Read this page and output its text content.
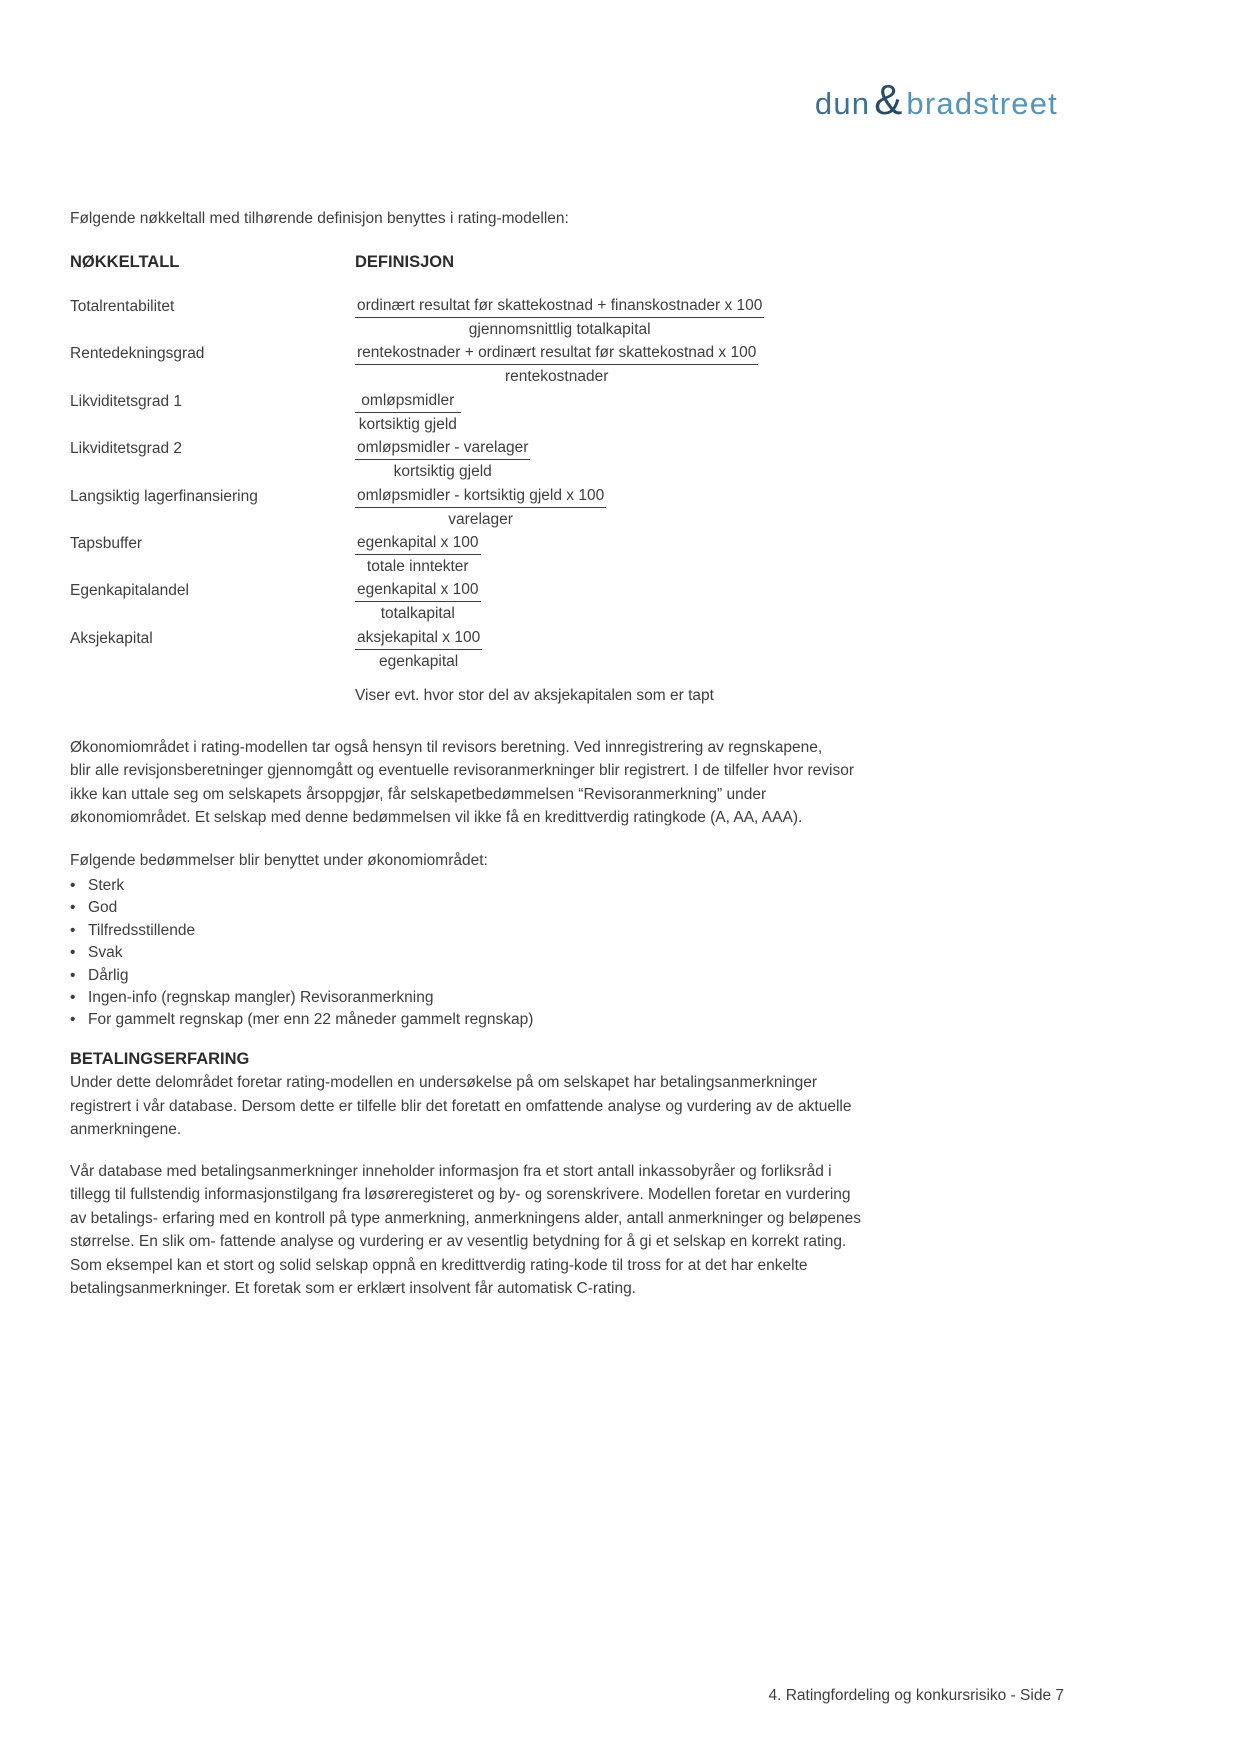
dun & bradstreet
Følgende nøkkeltall med tilhørende definisjon benyttes i rating-modellen:
NØKKELTALL	DEFINISJON
Totalrentabilitet	$\frac{\text{ordinært resultat før skattekostnad + finanskostnader x 100}}{\text{gjennomsnittlig totalkapital}}$
Rentedekningsgrad	$\frac{\text{rentekostnader + ordinært resultat før skattekostnad x 100}}{\text{rentekostnader}}$
Likviditetsgrad 1	$\frac{\text{omløpsmidler}}{\text{kortsiktig gjeld}}$
Likviditetsgrad 2	$\frac{\text{omløpsmidler - varelager}}{\text{kortsiktig gjeld}}$
Langsiktig lagerfinansiering	$\frac{\text{omløpsmidler - kortsiktig gjeld x 100}}{\text{varelager}}$
Tapsbuffer	$\frac{\text{egenkapital x 100}}{\text{totale inntekter}}$
Egenkapitalandel	$\frac{\text{egenkapital x 100}}{\text{totalkapital}}$
Aksjekapital	$\frac{\text{aksjekapital x 100}}{\text{egenkapital}}$
Viser evt. hvor stor del av aksjekapitalen som er tapt
Økonomiområdet i rating-modellen tar også hensyn til revisors beretning. Ved innregistrering av regnskapene,
blir alle revisjonsberetninger gjennomgått og eventuelle revisoranmerkninger blir registrert. I de tilfeller hvor revisor
ikke kan uttale seg om selskapets årsoppgjør, får selskapetbedømmelsen “Revisoranmerkning” under
økonomiområdet. Et selskap med denne bedømmelsen vil ikke få en kredittverdig ratingkode (A, AA, AAA).
Følgende bedømmelser blir benyttet under økonomiområdet:
• Sterk
• God
• Tilfredsstillende
• Svak
• Dårlig
• Ingen-info (regnskap mangler) Revisoranmerkning
• For gammelt regnskap (mer enn 22 måneder gammelt regnskap)
BETALINGSERFARING
Under dette delområdet foretar rating-modellen en undersøkelse på om selskapet har betalingsanmerkninger
registrert i vår database. Dersom dette er tilfelle blir det foretatt en omfattende analyse og vurdering av de aktuelle
anmerkningene.
Vår database med betalingsanmerkninger inneholder informasjon fra et stort antall inkassobyråer og forliksråd i
tillegg til fullstendig informasjonstilgang fra løsøreregisteret og by- og sorenskrivere. Modellen foretar en vurdering
av betalings- erfaring med en kontroll på type anmerkning, anmerkningens alder, antall anmerkninger og beløpenes
størrelse. En slik om- fattende analyse og vurdering er av vesentlig betydning for å gi et selskap en korrekt rating.
Som eksempel kan et stort og solid selskap oppnå en kredittverdig rating-kode til tross for at det har enkelte
betalingsanmerkninger. Et foretak som er erklært insolvent får automatisk C-rating.
4. Ratingfordeling og konkursrisiko - Side 7
